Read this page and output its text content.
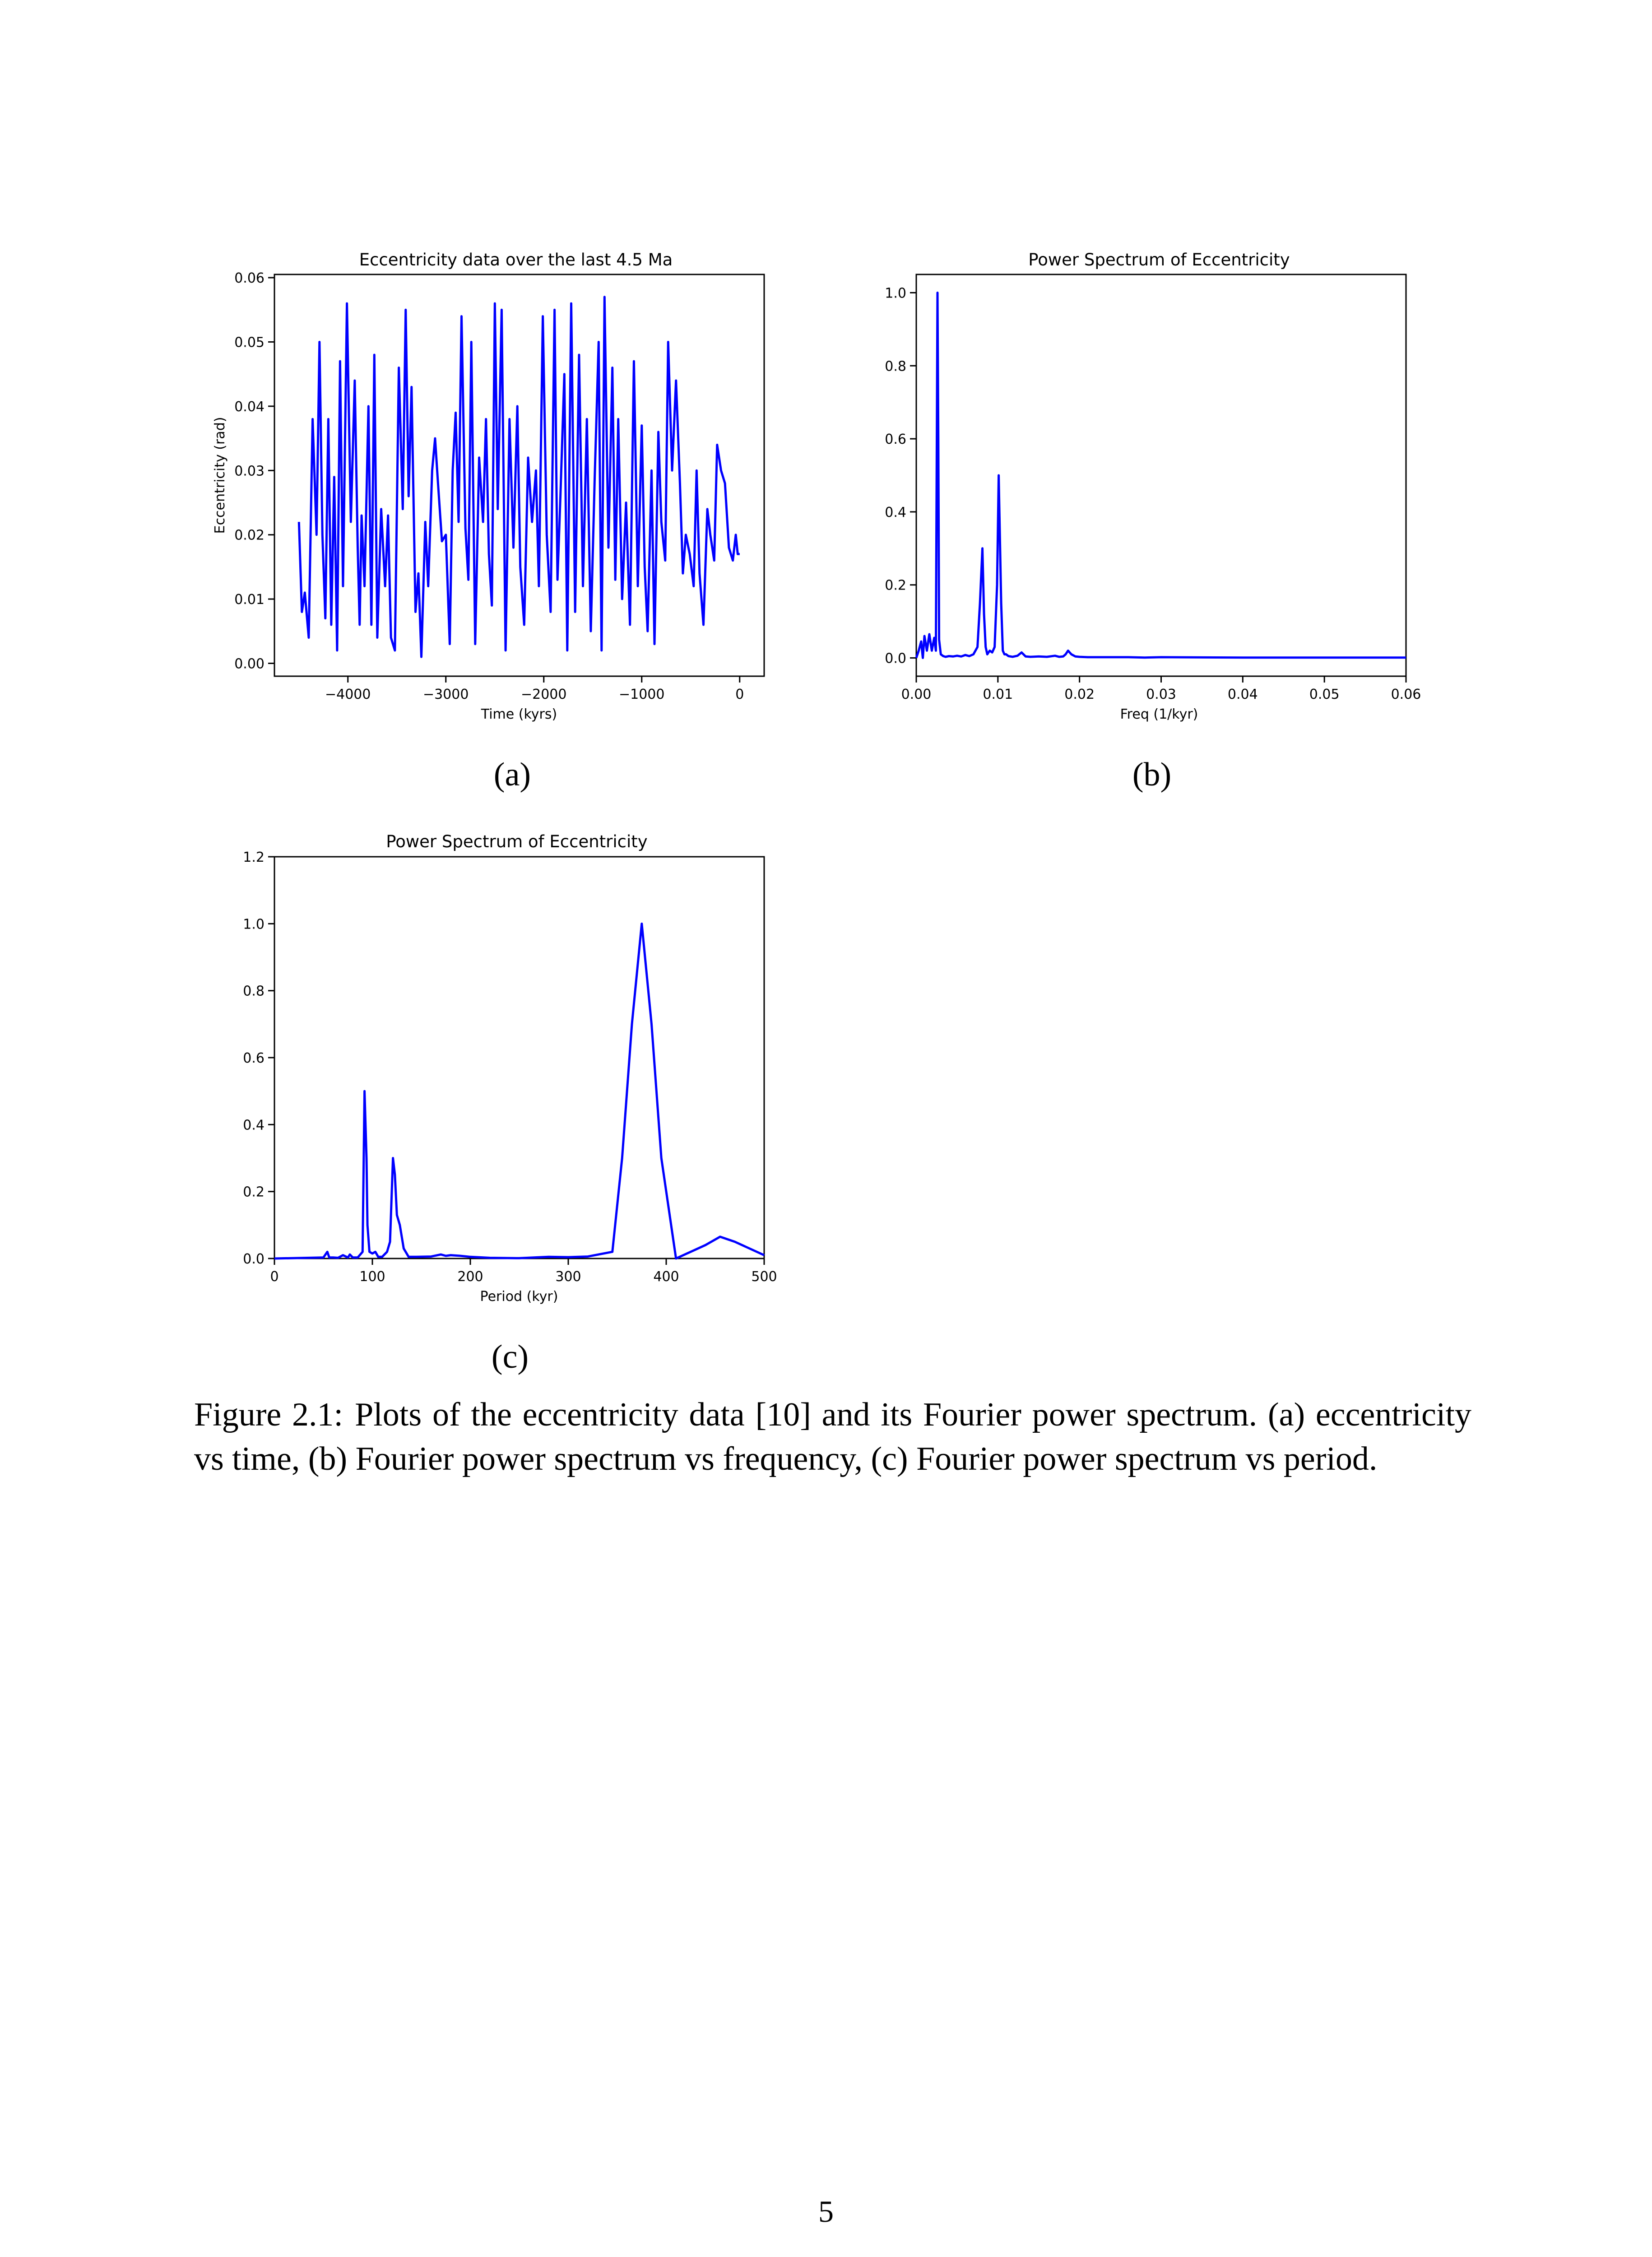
Eccentricity data over the last 4.5 Ma
−4000	−3000	−2000	−1000	0
0.00
0.01
0.02
0.03
0.04
0.05
0.06
Time (kyrs)
Eccentricity (rad)
(a)
Power Spectrum of Eccentricity
0.00	0.01	0.02	0.03	0.04	0.05	0.06
0.0
0.2
0.4
0.6
0.8
1.0
Freq (1/kyr)
(b)
Power Spectrum of Eccentricity
0	100	200	300	400	500
0.0
0.2
0.4
0.6
0.8
1.0
1.2
Period (kyr)
(c)
Figure 2.1: Plots of the eccentricity data [10] and its Fourier power spectrum. (a) eccentricity vs time, (b) Fourier power spectrum vs frequency, (c) Fourier power spectrum vs period.
5
